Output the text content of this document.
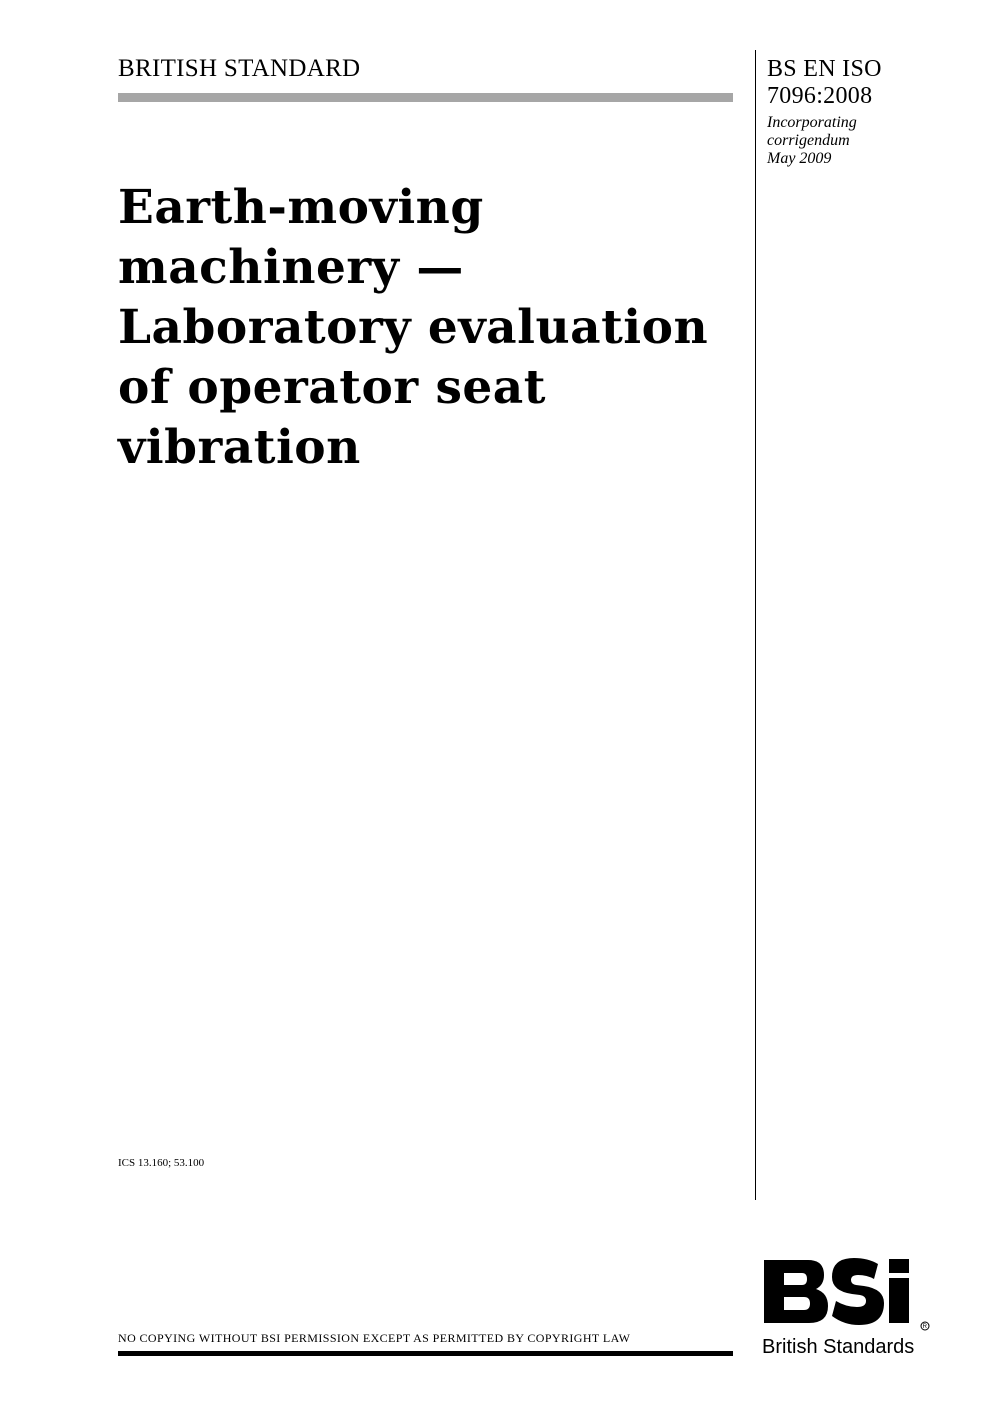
BRITISH STANDARD	BS EN ISO
7096:2008
Incorporating
corrigendum
May 2009
Earth-moving
machinery —
Laboratory evaluation
of operator seat
vibration
ICS 13.160; 53.100
NO COPYING WITHOUT BSI PERMISSION EXCEPT AS PERMITTED BY COPYRIGHT LAW
R
British Standards
